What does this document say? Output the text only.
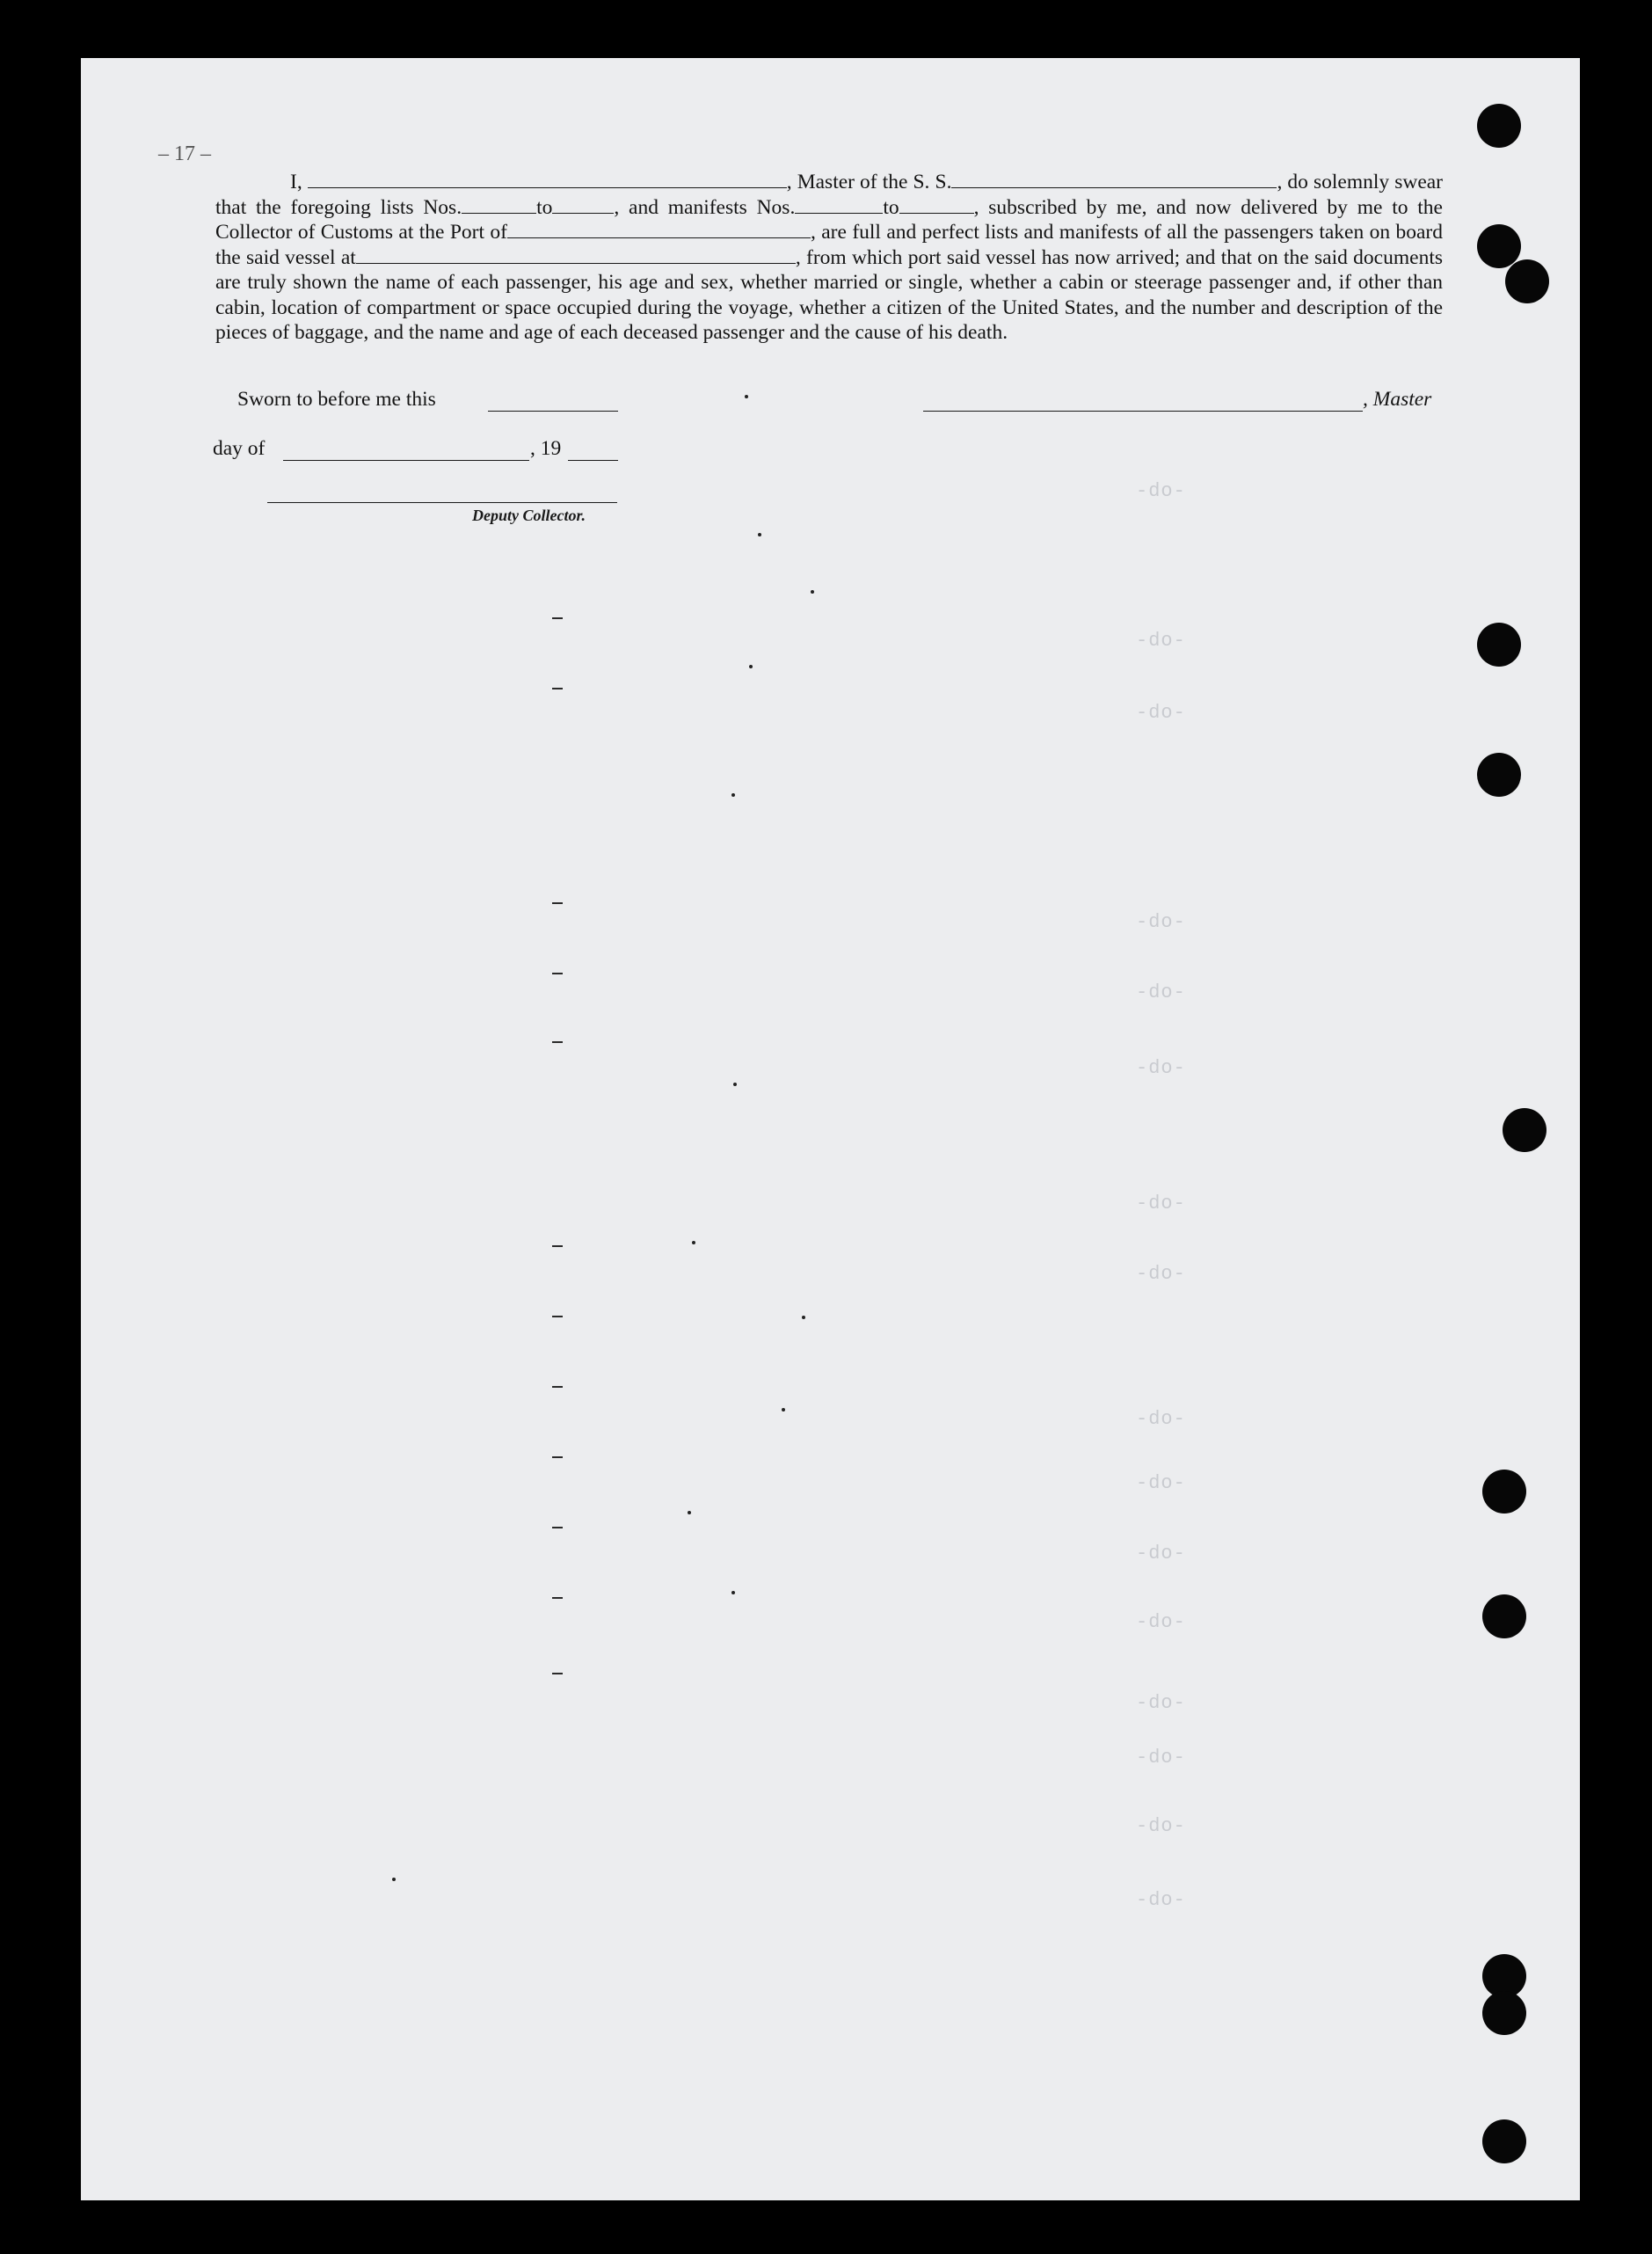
– 17 –

I,	, Master of the S. S.	, do solemnly swear that the foregoing lists Nos.	to	, and manifests Nos.	to	, subscribed by me, and now delivered by me to the Collector of Customs at the Port of	, are full and perfect lists and manifests of all the passengers taken on board the said vessel at	, from which port said vessel has now arrived; and that on the said documents are truly shown the name of each passenger, his age and sex, whether married or single, whether a cabin or steerage passenger and, if other than cabin, location of compartment or space occupied during the voyage, whether a citizen of the United States, and the number and description of the pieces of baggage, and the name and age of each deceased passenger and the cause of his death.

Sworn to before me this	, Master
day of	, 19
Deputy Collector.
-do-
-do-
-do-
-do-
-do-
-do-
-do-
-do-
-do-
-do-
-do-
-do-
-do-
-do-
-do-
-do-
